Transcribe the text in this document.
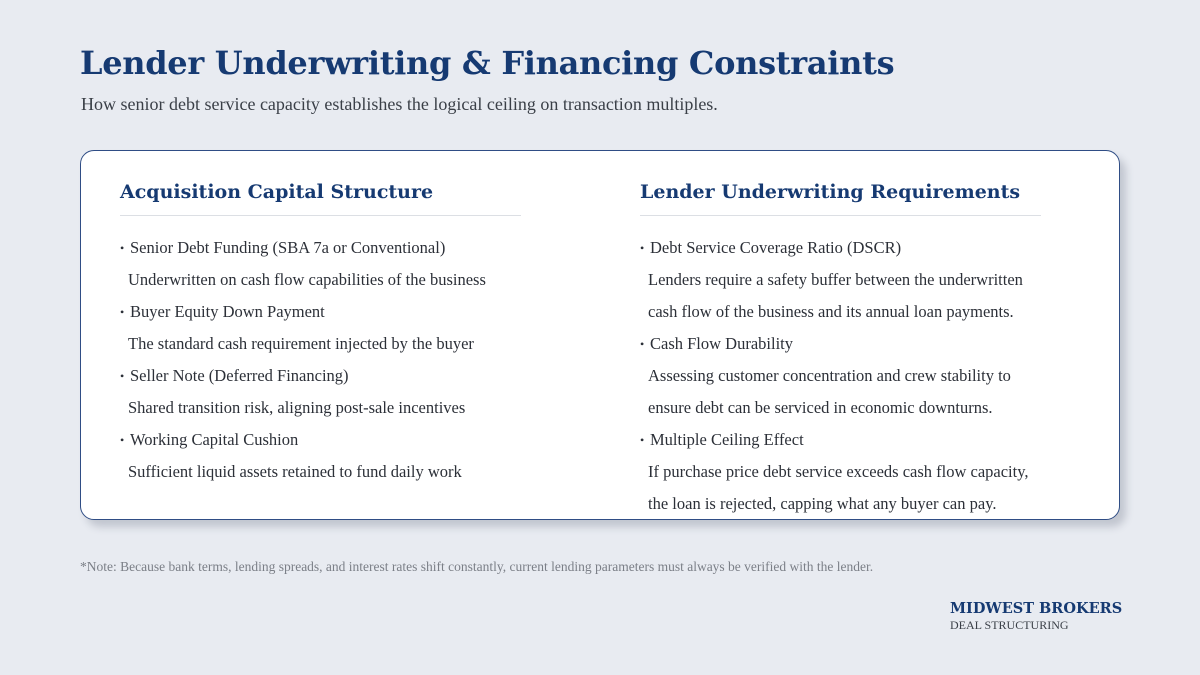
Lender Underwriting & Financing Constraints

How senior debt service capacity establishes the logical ceiling on transaction multiples.

Acquisition Capital Structure
• Senior Debt Funding (SBA 7a or Conventional)
Underwritten on cash flow capabilities of the business
• Buyer Equity Down Payment
The standard cash requirement injected by the buyer
• Seller Note (Deferred Financing)
Shared transition risk, aligning post-sale incentives
• Working Capital Cushion
Sufficient liquid assets retained to fund daily work
Lender Underwriting Requirements
• Debt Service Coverage Ratio (DSCR)
Lenders require a safety buffer between the underwritten
cash flow of the business and its annual loan payments.
• Cash Flow Durability
Assessing customer concentration and crew stability to
ensure debt can be serviced in economic downturns.
• Multiple Ceiling Effect
If purchase price debt service exceeds cash flow capacity,
the loan is rejected, capping what any buyer can pay.

*Note: Because bank terms, lending spreads, and interest rates shift constantly, current lending parameters must always be verified with the lender.

MIDWEST BROKERS
DEAL STRUCTURING
